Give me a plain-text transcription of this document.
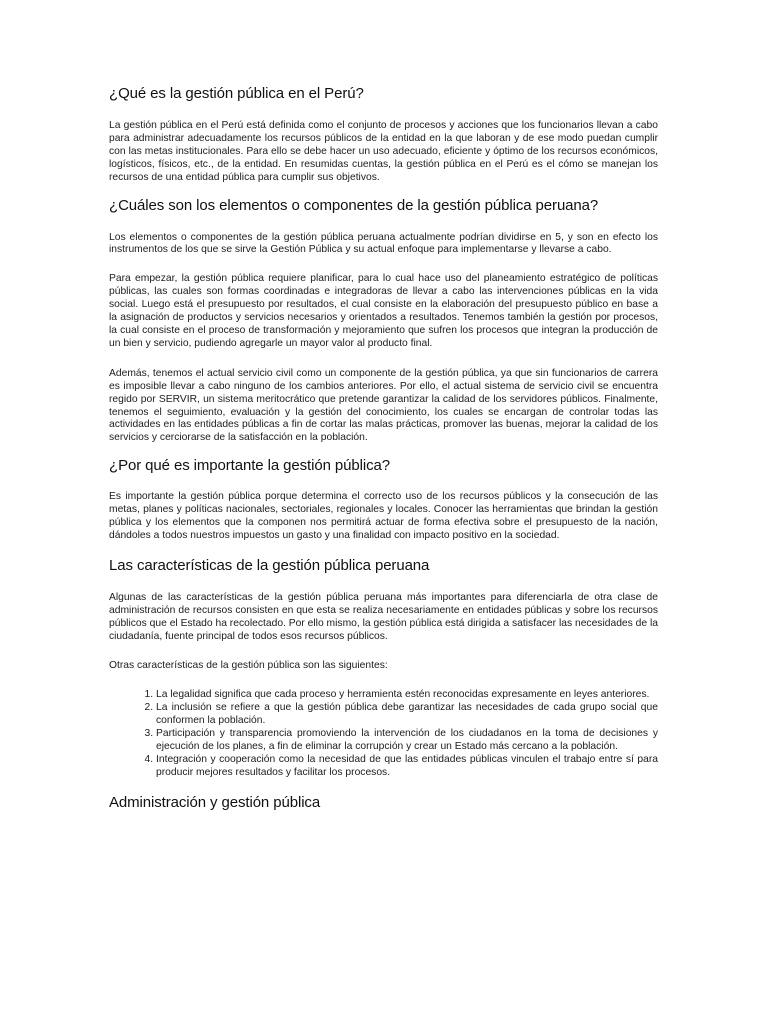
¿Qué es la gestión pública en el Perú?

La gestión pública en el Perú está definida como el conjunto de procesos y acciones que los funcionarios llevan a cabo para administrar adecuadamente los recursos públicos de la entidad en la que laboran y de ese modo puedan cumplir con las metas institucionales. Para ello se debe hacer un uso adecuado, eficiente y óptimo de los recursos económicos, logísticos, físicos, etc., de la entidad. En resumidas cuentas, la gestión pública en el Perú es el cómo se manejan los recursos de una entidad pública para cumplir sus objetivos.

¿Cuáles son los elementos o componentes de la gestión pública peruana?

Los elementos o componentes de la gestión pública peruana actualmente podrían dividirse en 5, y son en efecto los instrumentos de los que se sirve la Gestión Pública y su actual enfoque para implementarse y llevarse a cabo.

Para empezar, la gestión pública requiere planificar, para lo cual hace uso del planeamiento estratégico de políticas públicas, las cuales son formas coordinadas e integradoras de llevar a cabo las intervenciones públicas en la vida social. Luego está el presupuesto por resultados, el cual consiste en la elaboración del presupuesto público en base a la asignación de productos y servicios necesarios y orientados a resultados. Tenemos también la gestión por procesos, la cual consiste en el proceso de transformación y mejoramiento que sufren los procesos que integran la producción de un bien y servicio, pudiendo agregarle un mayor valor al producto final.

Además, tenemos el actual servicio civil como un componente de la gestión pública, ya que sin funcionarios de carrera es imposible llevar a cabo ninguno de los cambios anteriores. Por ello, el actual sistema de servicio civil se encuentra regido por SERVIR, un sistema meritocrático que pretende garantizar la calidad de los servidores públicos. Finalmente, tenemos el seguimiento, evaluación y la gestión del conocimiento, los cuales se encargan de controlar todas las actividades en las entidades públicas a fin de cortar las malas prácticas, promover las buenas, mejorar la calidad de los servicios y cerciorarse de la satisfacción en la población.

¿Por qué es importante la gestión pública?

Es importante la gestión pública porque determina el correcto uso de los recursos públicos y la consecución de las metas, planes y políticas nacionales, sectoriales, regionales y locales. Conocer las herramientas que brindan la gestión pública y los elementos que la componen nos permitirá actuar de forma efectiva sobre el presupuesto de la nación, dándoles a todos nuestros impuestos un gasto y una finalidad con impacto positivo en la sociedad.

Las características de la gestión pública peruana

Algunas de las características de la gestión pública peruana más importantes para diferenciarla de otra clase de administración de recursos consisten en que esta se realiza necesariamente en entidades públicas y sobre los recursos públicos que el Estado ha recolectado. Por ello mismo, la gestión pública está dirigida a satisfacer las necesidades de la ciudadanía, fuente principal de todos esos recursos públicos.

Otras características de la gestión pública son las siguientes:

1. La legalidad significa que cada proceso y herramienta estén reconocidas expresamente en leyes anteriores.
2. La inclusión se refiere a que la gestión pública debe garantizar las necesidades de cada grupo social que conformen la población.
3. Participación y transparencia promoviendo la intervención de los ciudadanos en la toma de decisiones y ejecución de los planes, a fin de eliminar la corrupción y crear un Estado más cercano a la población.
4. Integración y cooperación como la necesidad de que las entidades públicas vinculen el trabajo entre sí para producir mejores resultados y facilitar los procesos.
Administración y gestión pública
